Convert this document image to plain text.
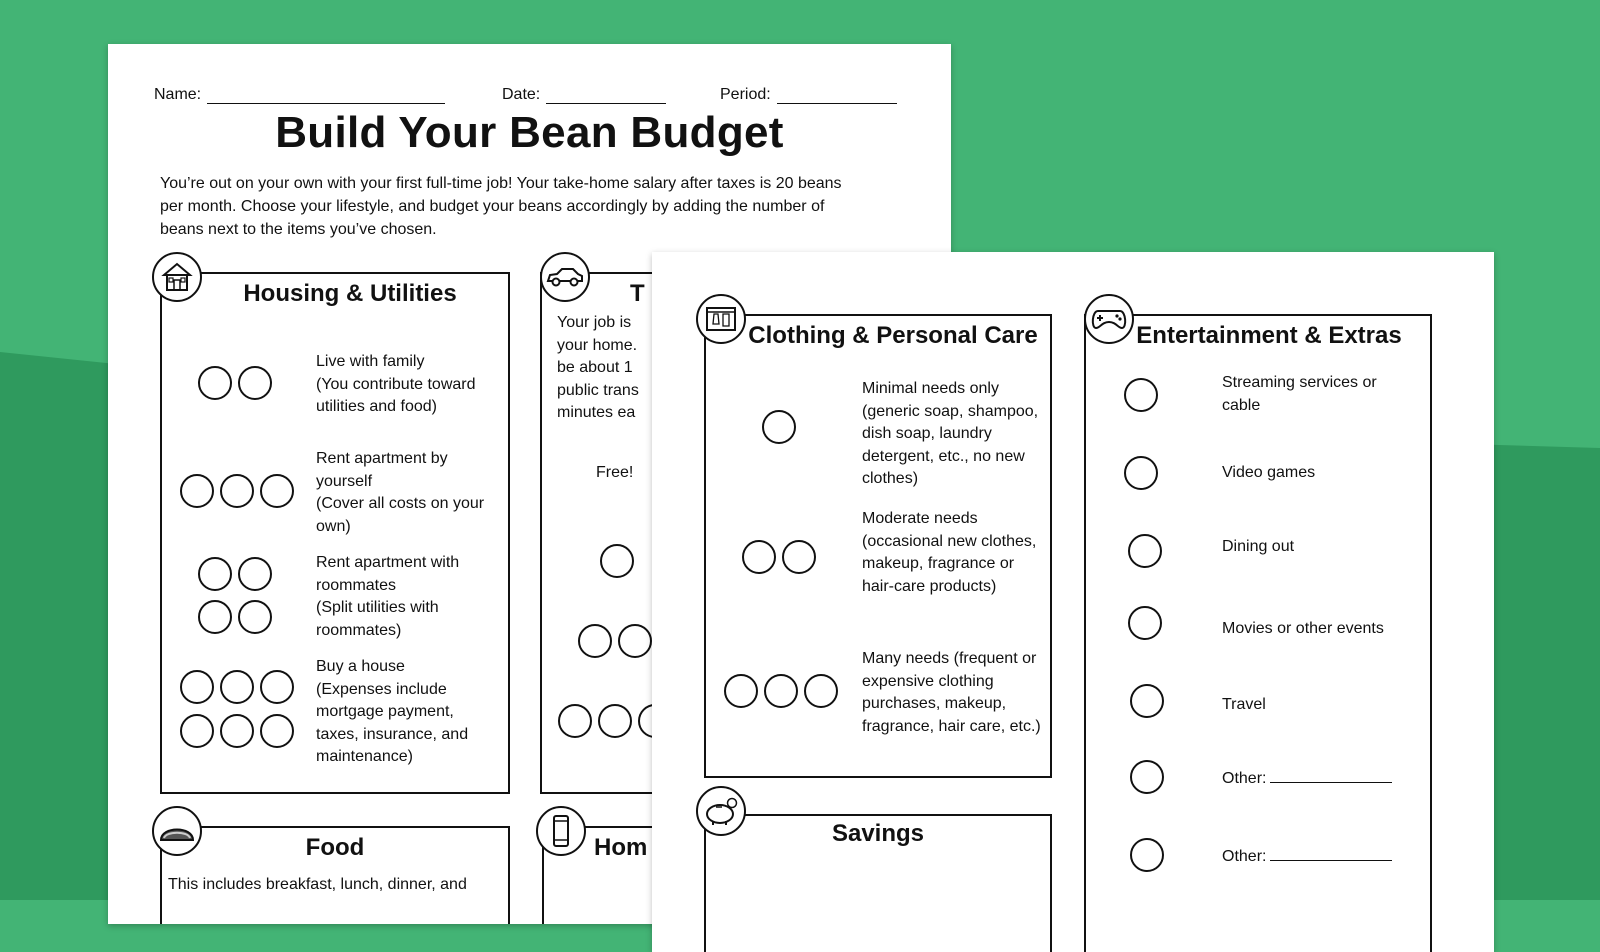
Name:	Date:	Period:
Build Your Bean Budget
You’re out on your own with your first full-time job! Your take-home salary after taxes is 20 beans per month. Choose your lifestyle, and budget your beans accordingly by adding the number of beans next to the items you’ve chosen.
Housing & Utilities
Live with family
(You contribute toward utilities and food)
Rent apartment by yourself
(Cover all costs on your own)
Rent apartment with roommates
(Split utilities with roommates)
Buy a house
(Expenses include mortgage payment, taxes, insurance, and maintenance)
T
Your job is
your home.
be about 1
public trans
minutes ea
Free!
Food
This includes breakfast, lunch, dinner, and
Hom
Clothing & Personal Care
Minimal needs only
(generic soap, shampoo, dish soap, laundry detergent, etc., no new clothes)
Moderate needs
(occasional new clothes, makeup, fragrance or hair-care products)
Many needs (frequent or expensive clothing purchases, makeup, fragrance, hair care, etc.)
Entertainment & Extras
Streaming services or cable
Video games
Dining out
Movies or other events
Travel
Other:
Other:
Savings
